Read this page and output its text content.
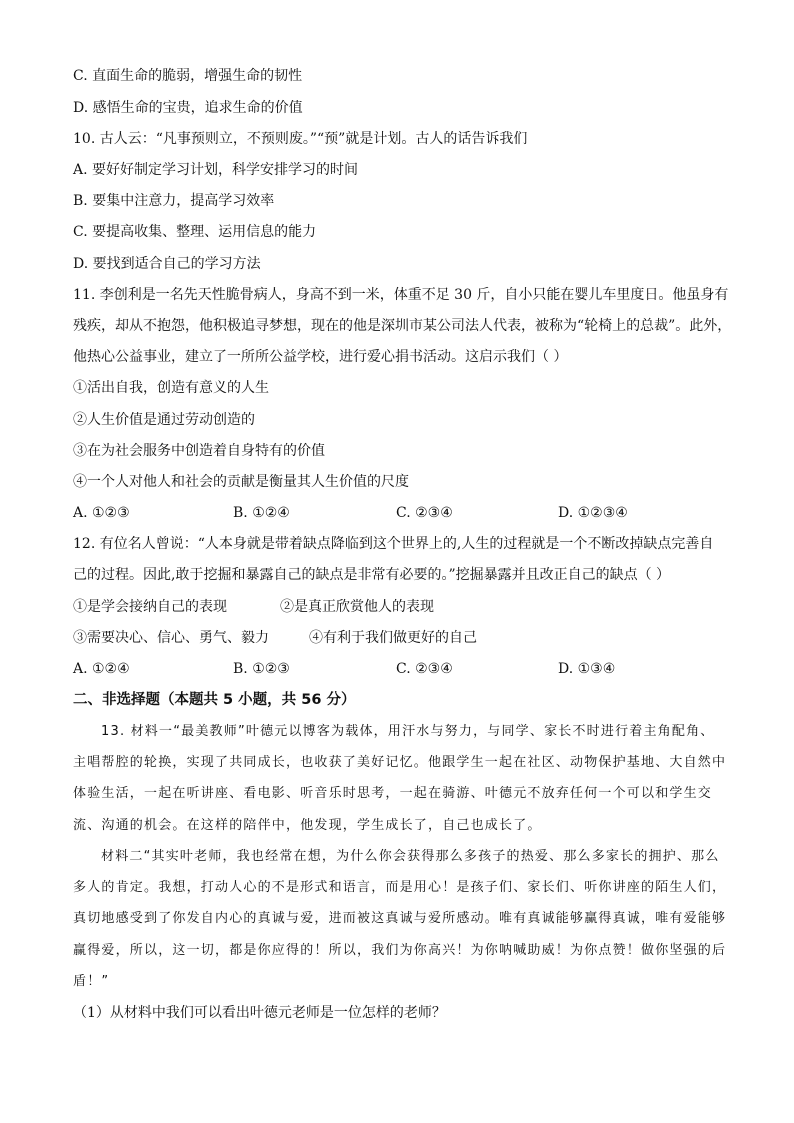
C. 直面生命的脆弱，增强生命的韧性
D. 感悟生命的宝贵，追求生命的价值
10. 古人云：“凡事预则立，不预则废。”“预”就是计划。古人的话告诉我们
A. 要好好制定学习计划，科学安排学习的时间
B. 要集中注意力，提高学习效率
C. 要提高收集、整理、运用信息的能力
D. 要找到适合自己的学习方法
11. 李创利是一名先天性脆骨病人，身高不到一米，体重不足 30 斤，自小只能在婴儿车里度日。他虽身有
残疾，却从不抱怨，他积极追寻梦想，现在的他是深圳市某公司法人代表，被称为“轮椅上的总裁”。此外，
他热心公益事业，建立了一所所公益学校，进行爱心捐书活动。这启示我们（ ）
①活出自我，创造有意义的人生
②人生价值是通过劳动创造的
③在为社会服务中创造着自身特有的价值
④一个人对他人和社会的贡献是衡量其人生价值的尺度
A. ①②③	B. ①②④	C. ②③④	D. ①②③④
12. 有位名人曾说：“人本身就是带着缺点降临到这个世界上的,人生的过程就是一个不断改掉缺点完善自
己的过程。因此,敢于挖掘和暴露自己的缺点是非常有必要的。”挖掘暴露并且改正自己的缺点（ ）
①是学会接纳自己的表现	②是真正欣赏他人的表现
③需要决心、信心、勇气、毅力	④有利于我们做更好的自己
A. ①②④	B. ①②③	C. ②③④	D. ①③④
二、非选择题（本题共 5 小题，共 56 分）
13. 材料一“最美教师”叶德元以博客为载体，用汗水与努力，与同学、家长不时进行着主角配角、
主唱帮腔的轮换，实现了共同成长，也收获了美好记忆。他跟学生一起在社区、动物保护基地、大自然中
体验生活，一起在听讲座、看电影、听音乐时思考，一起在骑游、叶德元不放弃任何一个可以和学生交
流、沟通的机会。在这样的陪伴中，他发现，学生成长了，自己也成长了。
材料二“其实叶老师，我也经常在想，为什么你会获得那么多孩子的热爱、那么多家长的拥护、那么
多人的肯定。我想，打动人心的不是形式和语言，而是用心！是孩子们、家长们、听你讲座的陌生人们，
真切地感受到了你发自内心的真诚与爱，进而被这真诚与爱所感动。唯有真诚能够赢得真诚，唯有爱能够
赢得爱，所以，这一切，都是你应得的！所以，我们为你高兴！为你呐喊助威！为你点赞！做你坚强的后
盾！”
（1）从材料中我们可以看出叶德元老师是一位怎样的老师？
